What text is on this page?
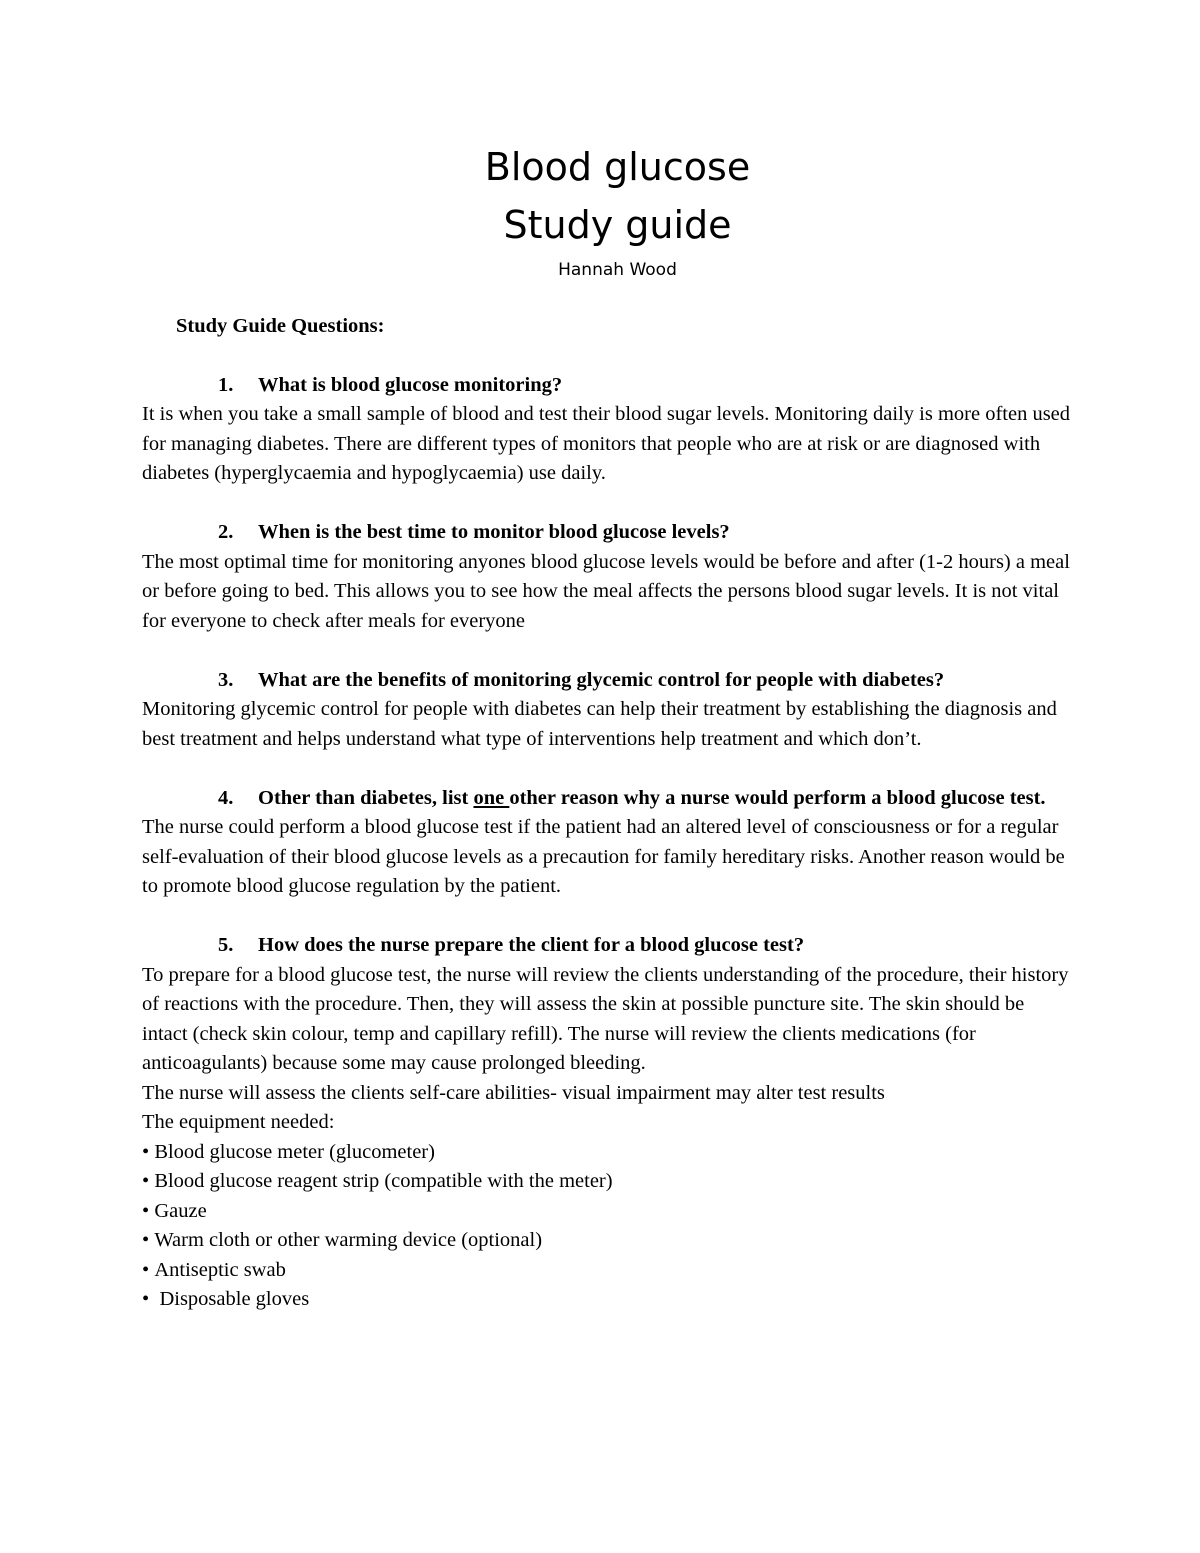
Blood glucose
Study guide
Hannah Wood
Study Guide Questions:
1.	What is blood glucose monitoring?

It is when you take a small sample of blood and test their blood sugar levels. Monitoring daily is more often used for managing diabetes. There are different types of monitors that people who are at risk or are diagnosed with diabetes (hyperglycaemia and hypoglycaemia) use daily.

2.	When is the best time to monitor blood glucose levels?

The most optimal time for monitoring anyones blood glucose levels would be before and after (1-2 hours) a meal or before going to bed. This allows you to see how the meal affects the persons blood sugar levels. It is not vital for everyone to check after meals for everyone

3.	What are the benefits of monitoring glycemic control for people with diabetes?

Monitoring glycemic control for people with diabetes can help their treatment by establishing the diagnosis and best treatment and helps understand what type of interventions help treatment and which don’t.

4.	Other than diabetes, list one other reason why a nurse would perform a blood glucose test.

The nurse could perform a blood glucose test if the patient had an altered level of consciousness or for a regular self-evaluation of their blood glucose levels as a precaution for family hereditary risks. Another reason would be to promote blood glucose regulation by the patient.

5.	How does the nurse prepare the client for a blood glucose test?

To prepare for a blood glucose test, the nurse will review the clients understanding of the procedure, their history of reactions with the procedure. Then, they will assess the skin at possible puncture site. The skin should be intact (check skin colour, temp and capillary refill). The nurse will review the clients medications (for anticoagulants) because some may cause prolonged bleeding.

The nurse will assess the clients self-care abilities- visual impairment may alter test results

The equipment needed:

• Blood glucose meter (glucometer)
• Blood glucose reagent strip (compatible with the meter)
• Gauze
• Warm cloth or other warming device (optional)
• Antiseptic swab
•  Disposable gloves
